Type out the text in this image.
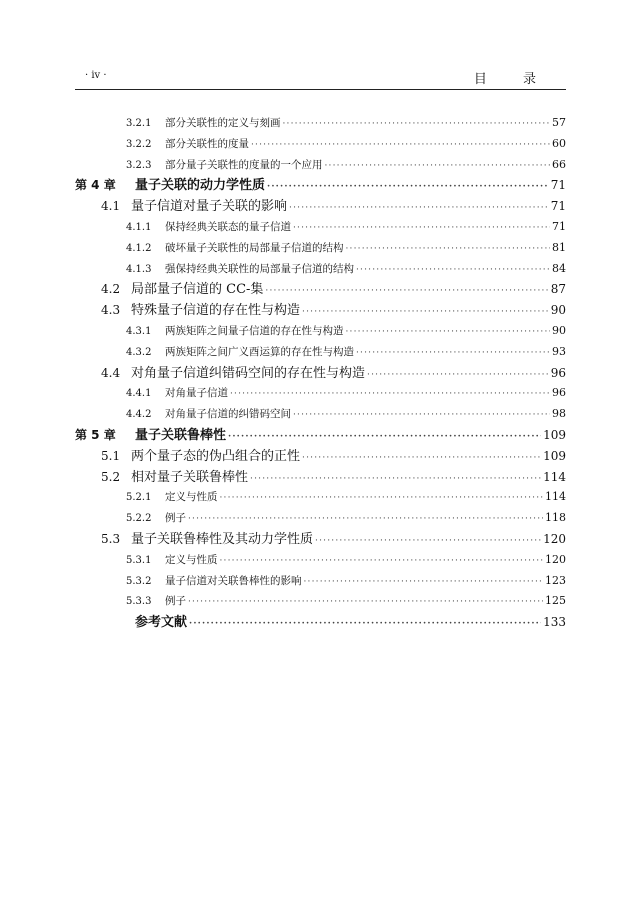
· iv ·	目 录
3.2.1	部分关联性的定义与刻画 ·····	57
3.2.2	部分关联性的度量 ·····	60
3.2.3	部分量子关联性的度量的一个应用 ·····	66
第 4 章	量子关联的动力学性质 ·····	71
4.1 量子信道对量子关联的影响 ·····	71
4.1.1	保持经典关联态的量子信道 ·····	71
4.1.2	破坏量子关联性的局部量子信道的结构 ·····	81
4.1.3	强保持经典关联性的局部量子信道的结构 ·····	84
4.2 局部量子信道的 CC-集 ·····	87
4.3 特殊量子信道的存在性与构造 ·····	90
4.3.1	两族矩阵之间量子信道的存在性与构造 ·····	90
4.3.2	两族矩阵之间广义酉运算的存在性与构造 ·····	93
4.4 对角量子信道纠错码空间的存在性与构造 ·····	96
4.4.1	对角量子信道 ·····	96
4.4.2	对角量子信道的纠错码空间 ·····	98
第 5 章	量子关联鲁棒性 ·····	109
5.1 两个量子态的伪凸组合的正性 ·····	109
5.2 相对量子关联鲁棒性 ·····	114
5.2.1	定义与性质 ·····	114
5.2.2	例子 ·····	118
5.3 量子关联鲁棒性及其动力学性质 ·····	120
5.3.1	定义与性质 ·····	120
5.3.2	量子信道对关联鲁棒性的影响 ·····	123
5.3.3	例子 ·····	125
参考文献 ·····	133
